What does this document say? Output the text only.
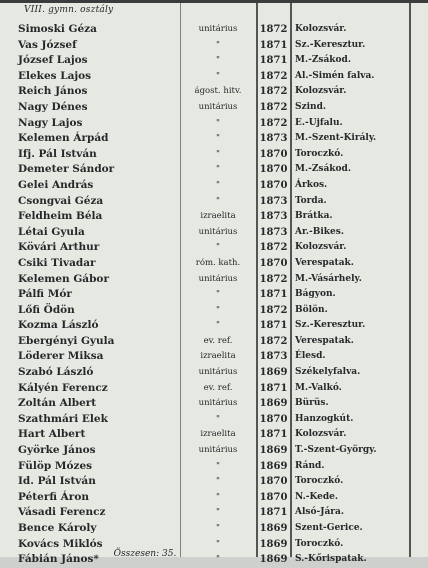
VIII. gymn. osztály
Simoski Géza	unitárius	1872 Kolozsvár.
Vas József	"	1871 Sz.-Keresztur.
József Lajos	"	1871 M.-Zsákod.
Elekes Lajos	"	1872 Al.-Simén falva.
Reich János	ágost. hitv.	1872 Kolozsvár.
Nagy Dénes	unitárius	1872 Szind.
Nagy Lajos	"	1872 E.-Ujfalu.
Kelemen Árpád	"	1873 M.-Szent-Király.
Ifj. Pál István	"	1870 Toroczkó.
Demeter Sándor	"	1870 M.-Zsákod.
Gelei András	"	1870 Árkos.
Csongvai Géza	"	1873 Torda.
Feldheim Béla	izraelita	1873 Brátka.
Létai Gyula	unitárius	1873 Ar.-Bikes.
Kövári Arthur	"	1872 Kolozsvár.
Csiki Tivadar	róm. kath.	1870 Verespatak.
Kelemen Gábor	unitárius	1872 M.-Vásárhely.
Pálfi Mór	"	1871 Bágyon.
Lőfi Ödön	"	1872 Bölön.
Kozma László	"	1871 Sz.-Keresztur.
Ebergényi Gyula	ev. ref.	1872 Verespatak.
Löderer Miksa	izraelita	1873 Élesd.
Szabó László	unitárius	1869 Székelyfalva.
Kályén Ferencz	ev. ref.	1871 M.-Valkó.
Zoltán Albert	unitárius	1869 Bürüs.
Szathmári Elek	"	1870 Hanzogkút.
Hart Albert	izraelita	1871 Kolozsvár.
Györke János	unitárius	1869 T.-Szent-György.
Fülöp Mózes	"	1869 Ránd.
Id. Pál István	"	1870 Toroczkó.
Péterfi Áron	"	1870 N.-Kede.
Vásadi Ferencz	"	1871 Alsó-Jára.
Bence Károly	"	1869 Szent-Gerice.
Kovács Miklós	"	1869 Toroczkó.
Fábián János*	"	1869 S.-Kőrispatak.
Összesen: 35.
